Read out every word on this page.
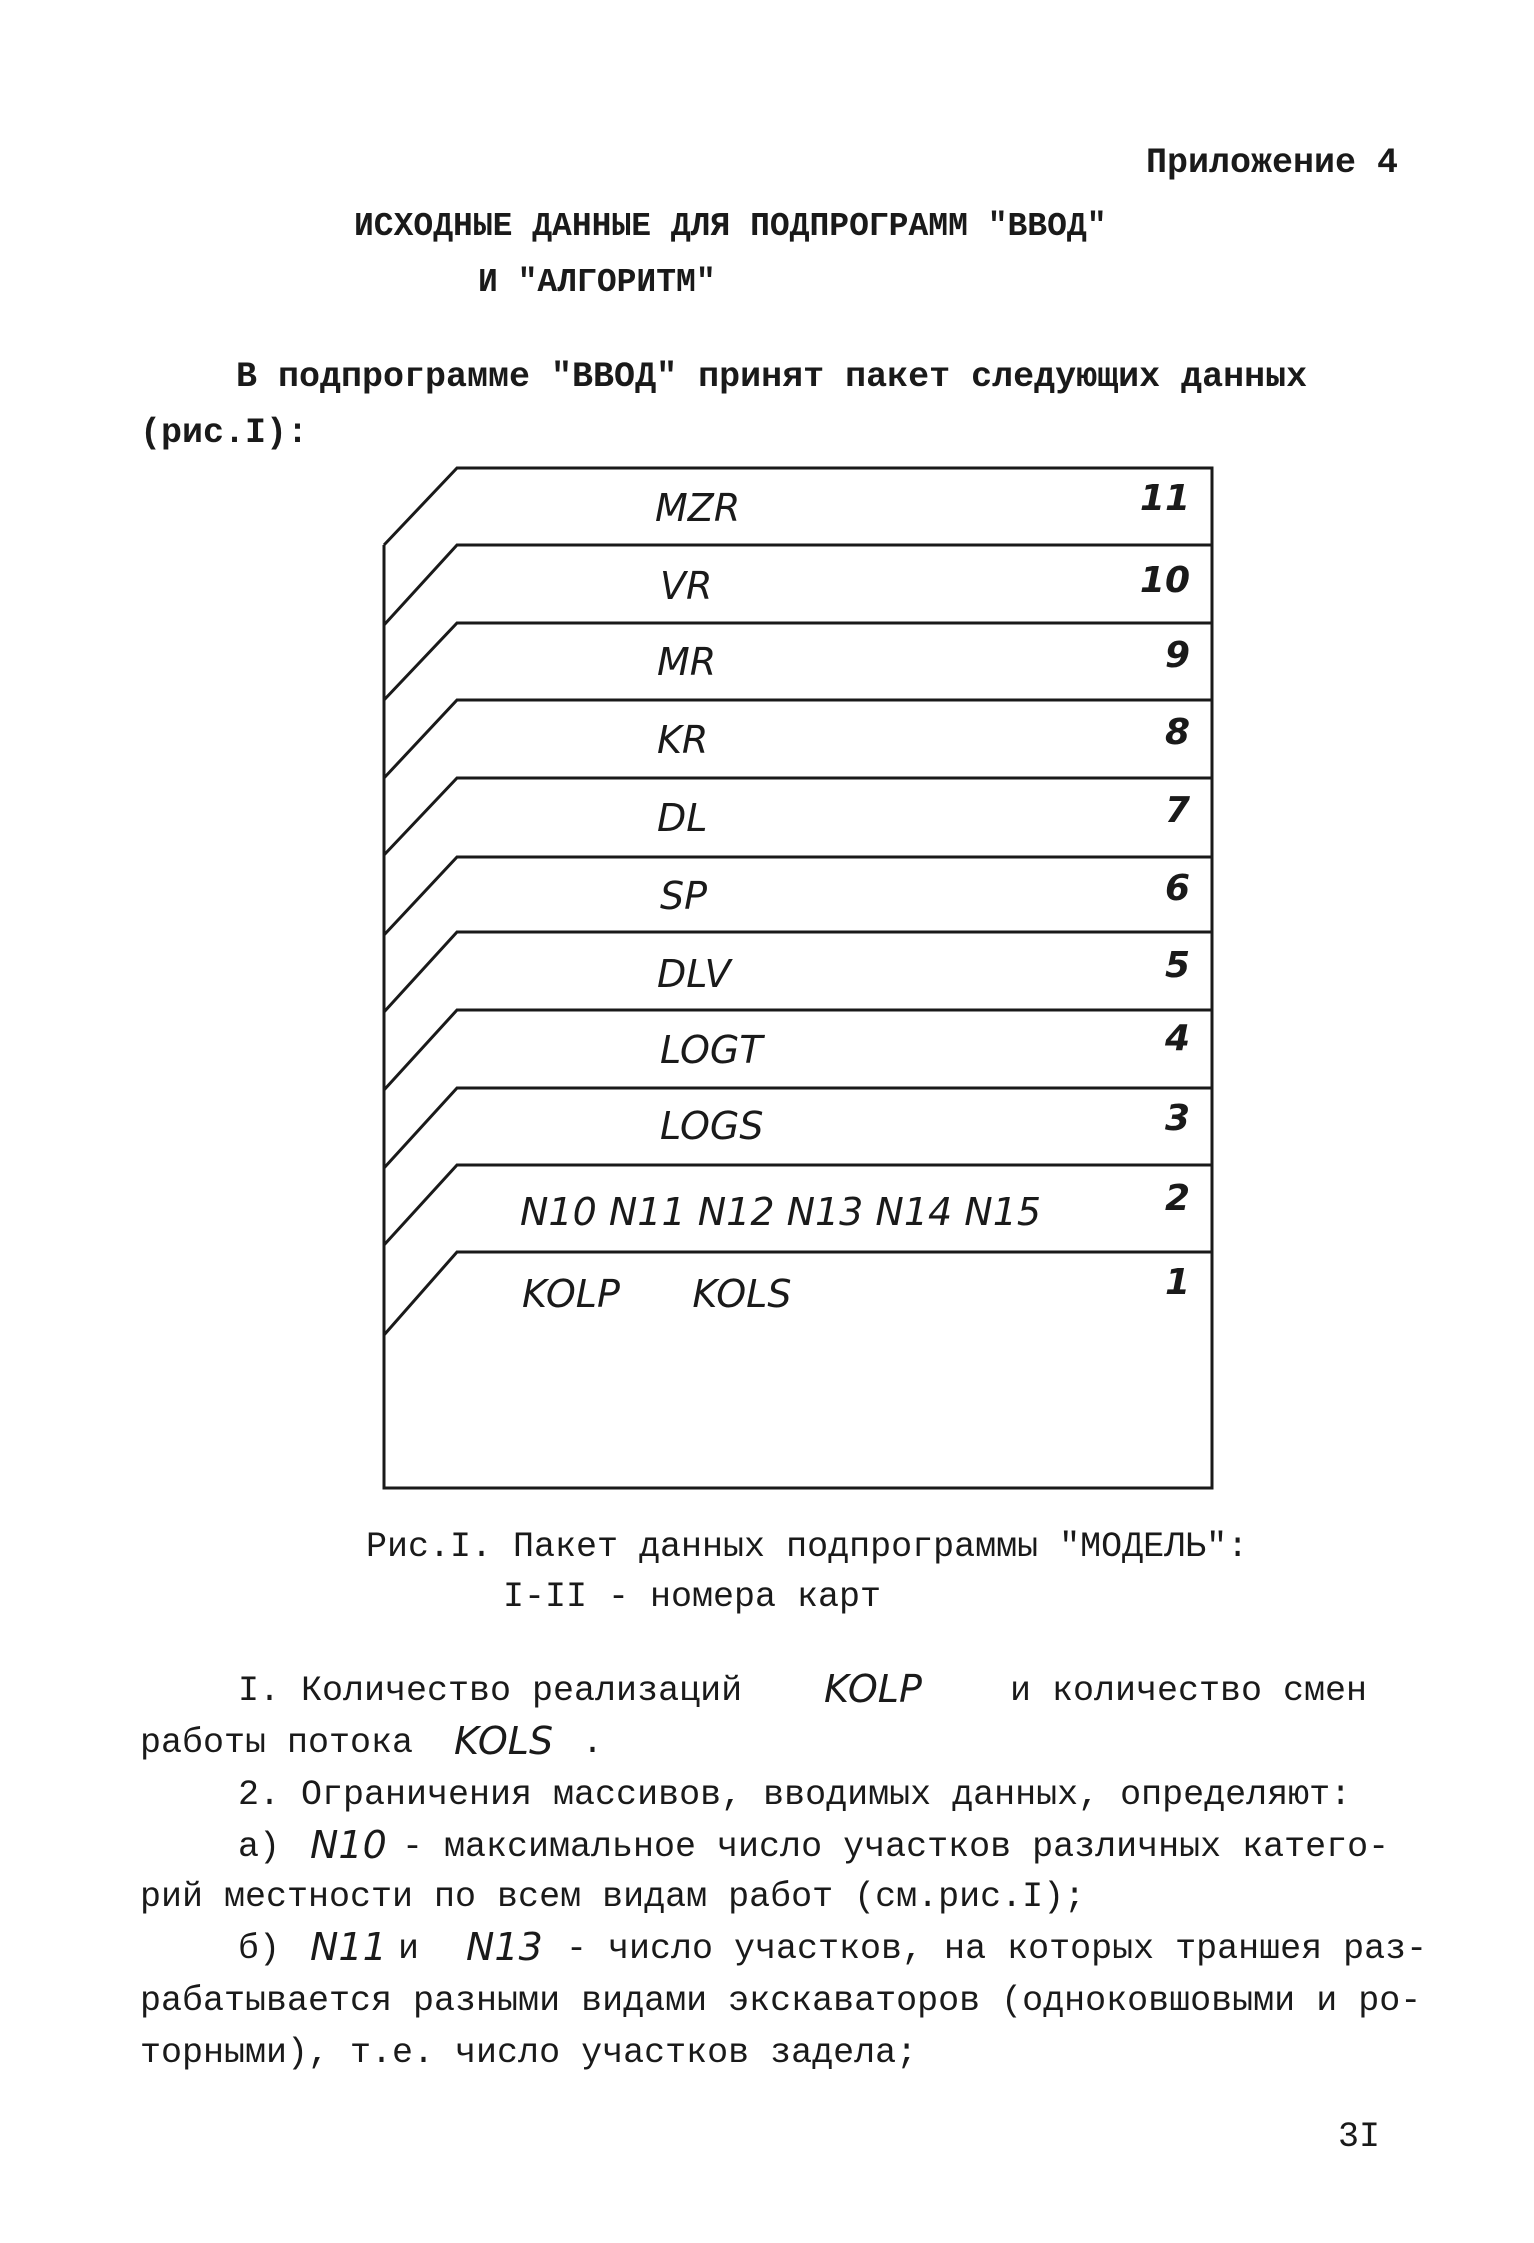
Приложение 4
ИСХОДНЫЕ ДАННЫЕ ДЛЯ ПОДПРОГРАММ "ВВОД"
И "АЛГОРИТМ"
В подпрограмме "ВВОД" принят пакет следующих данных
(рис.I):
MZR	11
VR	10
MR	9
KR	8
DL	7
SP	6
DLV	5
LOGT	4
LOGS	3
N10 N11 N12 N13 N14 N15	2
KOLP      KOLS	1
Рис.I. Пакет данных подпрограммы "МОДЕЛЬ":
I-II - номера карт
I. Количество реализаций KOLP	и количество смен
работы потока KOLS .
2. Ограничения массивов, вводимых данных, определяют:
а) N10 - максимальное число участков различных катего-
рий местности по всем видам работ (см.рис.I);
б) N11 и N13 - число участков, на которых траншея раз-
рабатывается разными видами экскаваторов (одноковшовыми и ро-
торными), т.е. число участков задела;
3I
